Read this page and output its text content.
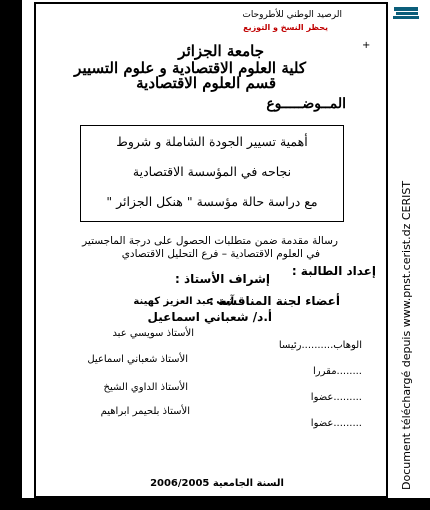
الرصيد الوطني للأطروحات
يحظر النسخ و التوزيع
+
جامعة الجزائر
كلية العلوم الاقتصادية و علوم التسيير
قسم العلوم الاقتصادية
المــوضـــــوع
أهمية تسيير الجودة الشاملة و شروط
نجاحه في المؤسسة الاقتصادية
مع دراسة حالة مؤسسة " هنكل الجزائر "
رسالة مقدمة ضمن متطلبات الحصول على درجة الماجستير
في العلوم الاقتصادية – فرع التحليل الاقتصادي
إعداد الطالبة :
إشراف الأستاذ :
آيت عبد العزيز كهينة
أعضاء لجنة المناقشة :
أ.د/ شعباني اسماعيل
الأستاذ سويسي عبد
الوهاب..........رئيسا
الأستاذ شعباني اسماعيل
........مقررا
الأستاذ الداوي الشيخ
.........عضوا
الأستاذ بلحيمر ابراهيم
.........عضوا
السنة الجامعية 2006/2005	Document téléchargé depuis www.pnst.cerist.dz CERIST
